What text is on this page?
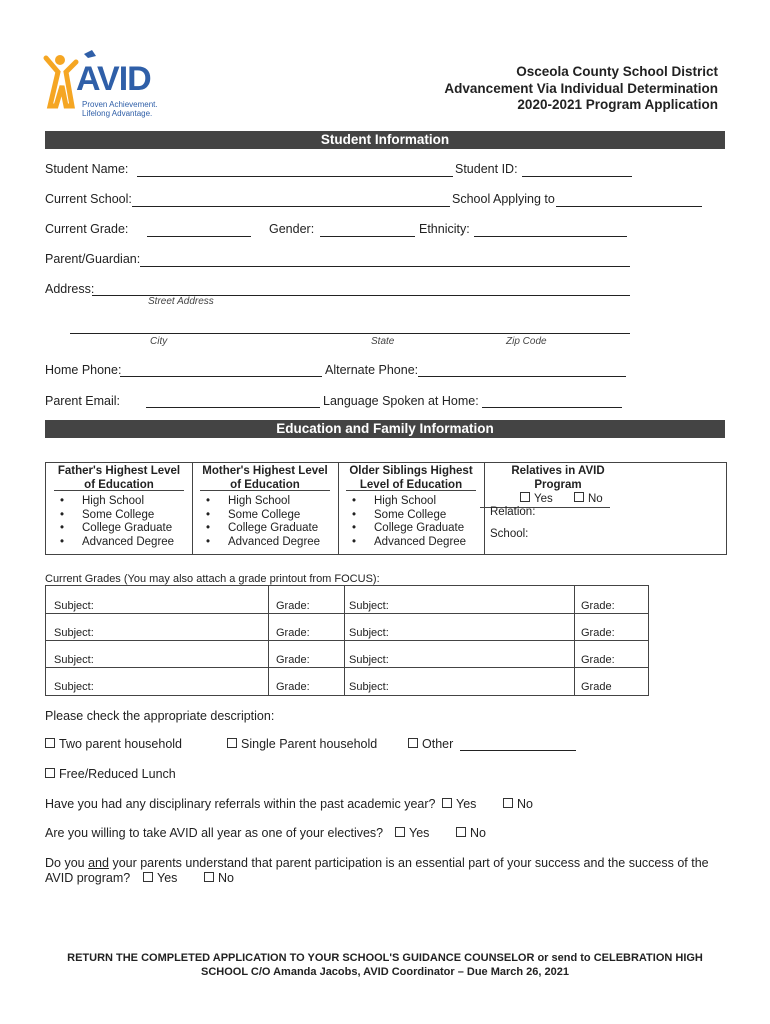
AVID
Proven Achievement.
Lifelong Advantage.
Osceola County School District
Advancement Via Individual Determination
2020-2021 Program Application
Student Information
Student Name:	Student ID:
Current School:	School Applying to
Current Grade:	Gender:	Ethnicity:
Parent/Guardian:
Address:
Street Address
City	State	Zip Code
Home Phone:	Alternate Phone:
Parent Email:	Language Spoken at Home:
Education and Family Information
Father's Highest Level
of Education
• High School
• Some College
• College Graduate
• Advanced Degree
Mother's Highest Level
of Education
• High School
• Some College
• College Graduate
• Advanced Degree
Older Siblings Highest
Level of Education
• High School
• Some College
• College Graduate
• Advanced Degree
Relatives in AVID
Program
Yes	No
Relation:
School:
Current Grades (You may also attach a grade printout from FOCUS):
Subject:	Grade:	Subject:	Grade:
Subject:	Grade:	Subject:	Grade:
Subject:	Grade:	Subject:	Grade:
Subject:	Grade:	Subject:	Grade
Please check the appropriate description:
Two parent household	Single Parent household	Other
Free/Reduced Lunch
Have you had any disciplinary referrals within the past academic year?	Yes	No
Are you willing to take AVID all year as one of your electives?	Yes	No
Do you and your parents understand that parent participation is an essential part of your success and the success of the
AVID program?	Yes	No
RETURN THE COMPLETED APPLICATION TO YOUR SCHOOL'S GUIDANCE COUNSELOR or send to CELEBRATION HIGH
SCHOOL C/O Amanda Jacobs, AVID Coordinator – Due March 26, 2021
